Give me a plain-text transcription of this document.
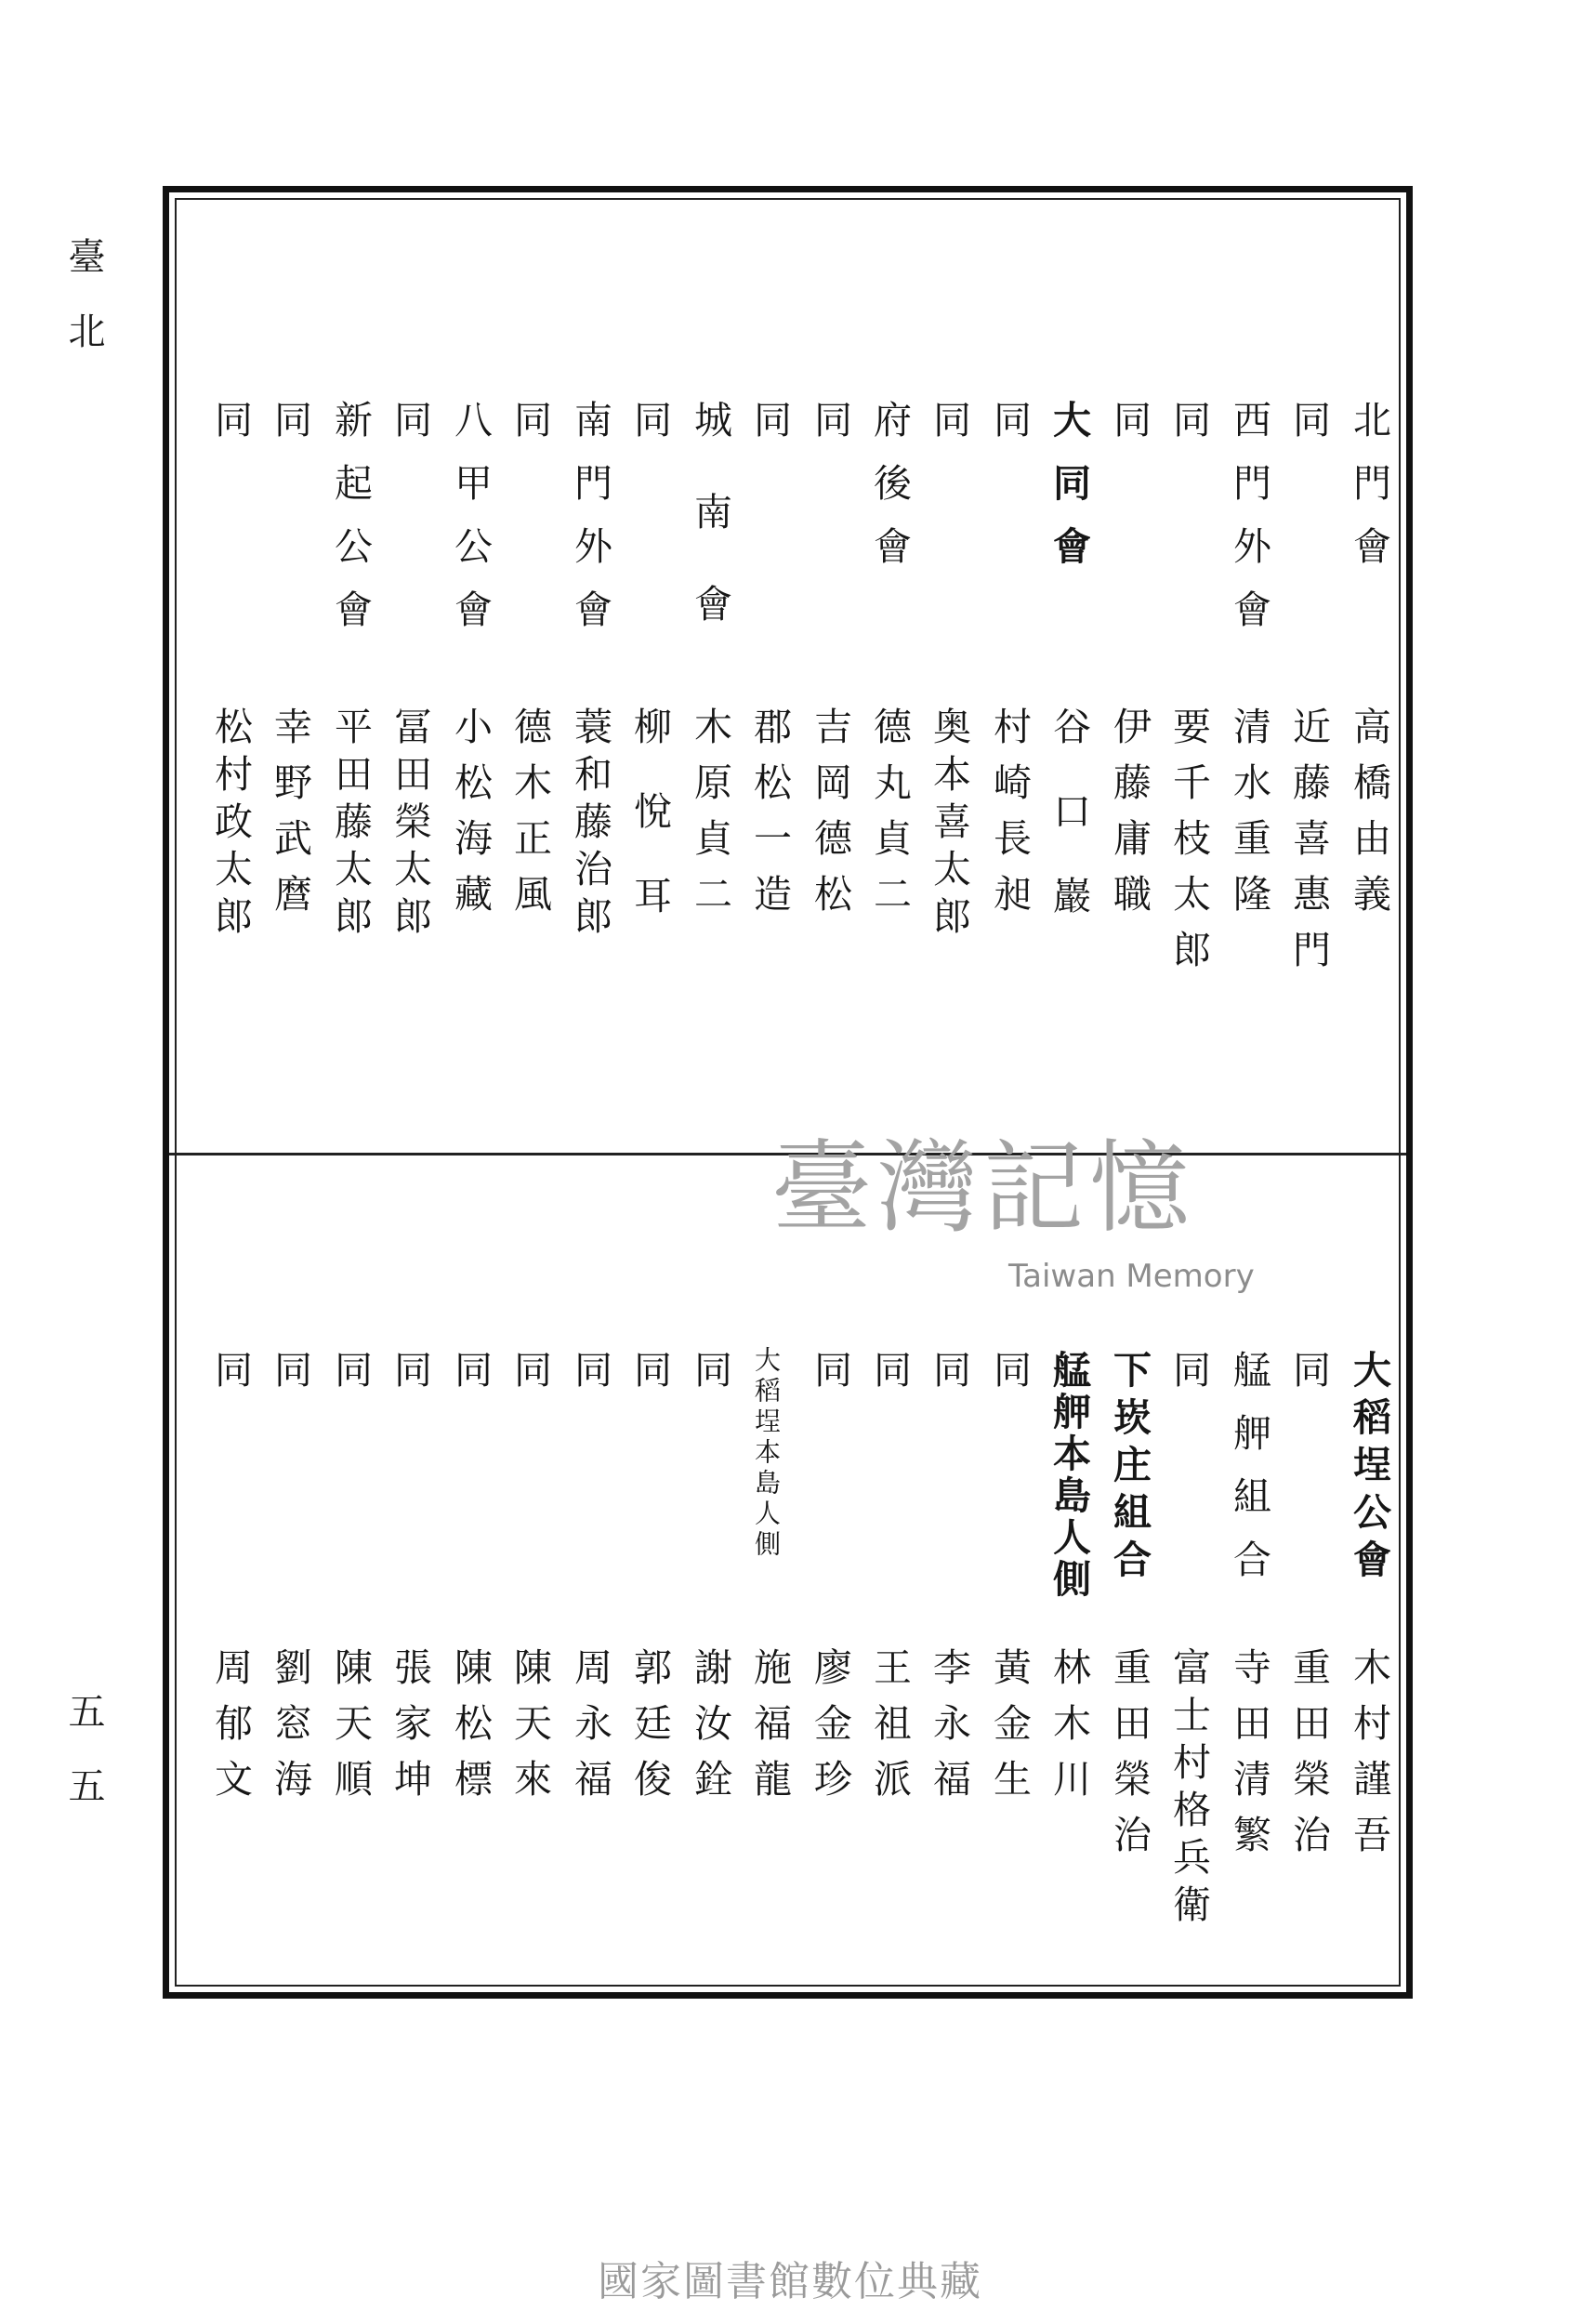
臺北
五五
北門會
高橋由義
同
近藤喜惠門
西門外會
清水重隆
同
要千枝太郎
同
伊藤庸職
大同會
谷口巖
同
村崎長昶
同
奥本喜太郎
府後會
德丸貞二
同
吉岡德松
同
郡松一造
城南會
木原貞二
同
柳悅耳
南門外會
蓑和藤治郎
同
德木正風
八甲公會
小松海藏
同
冨田榮太郎
新起公會
平田藤太郎
同
幸野武麿
同
松村政太郎
臺灣記憶
Taiwan Memory
大稻埕公會
木村謹吾
同
重田榮治
艋舺組合
寺田清繁
同
富士村格兵衛
下崁庄組合
重田榮治
艋舺本島人側
林木川
同
黃金生
同
李永福
同
王祖派
同
廖金珍
大稻埕本島人側
施福龍
同
謝汝銓
同
郭廷俊
同
周永福
同
陳天來
同
陳松標
同
張家坤
同
陳天順
同
劉窓海
同
周郁文
國家圖書館數位典藏
